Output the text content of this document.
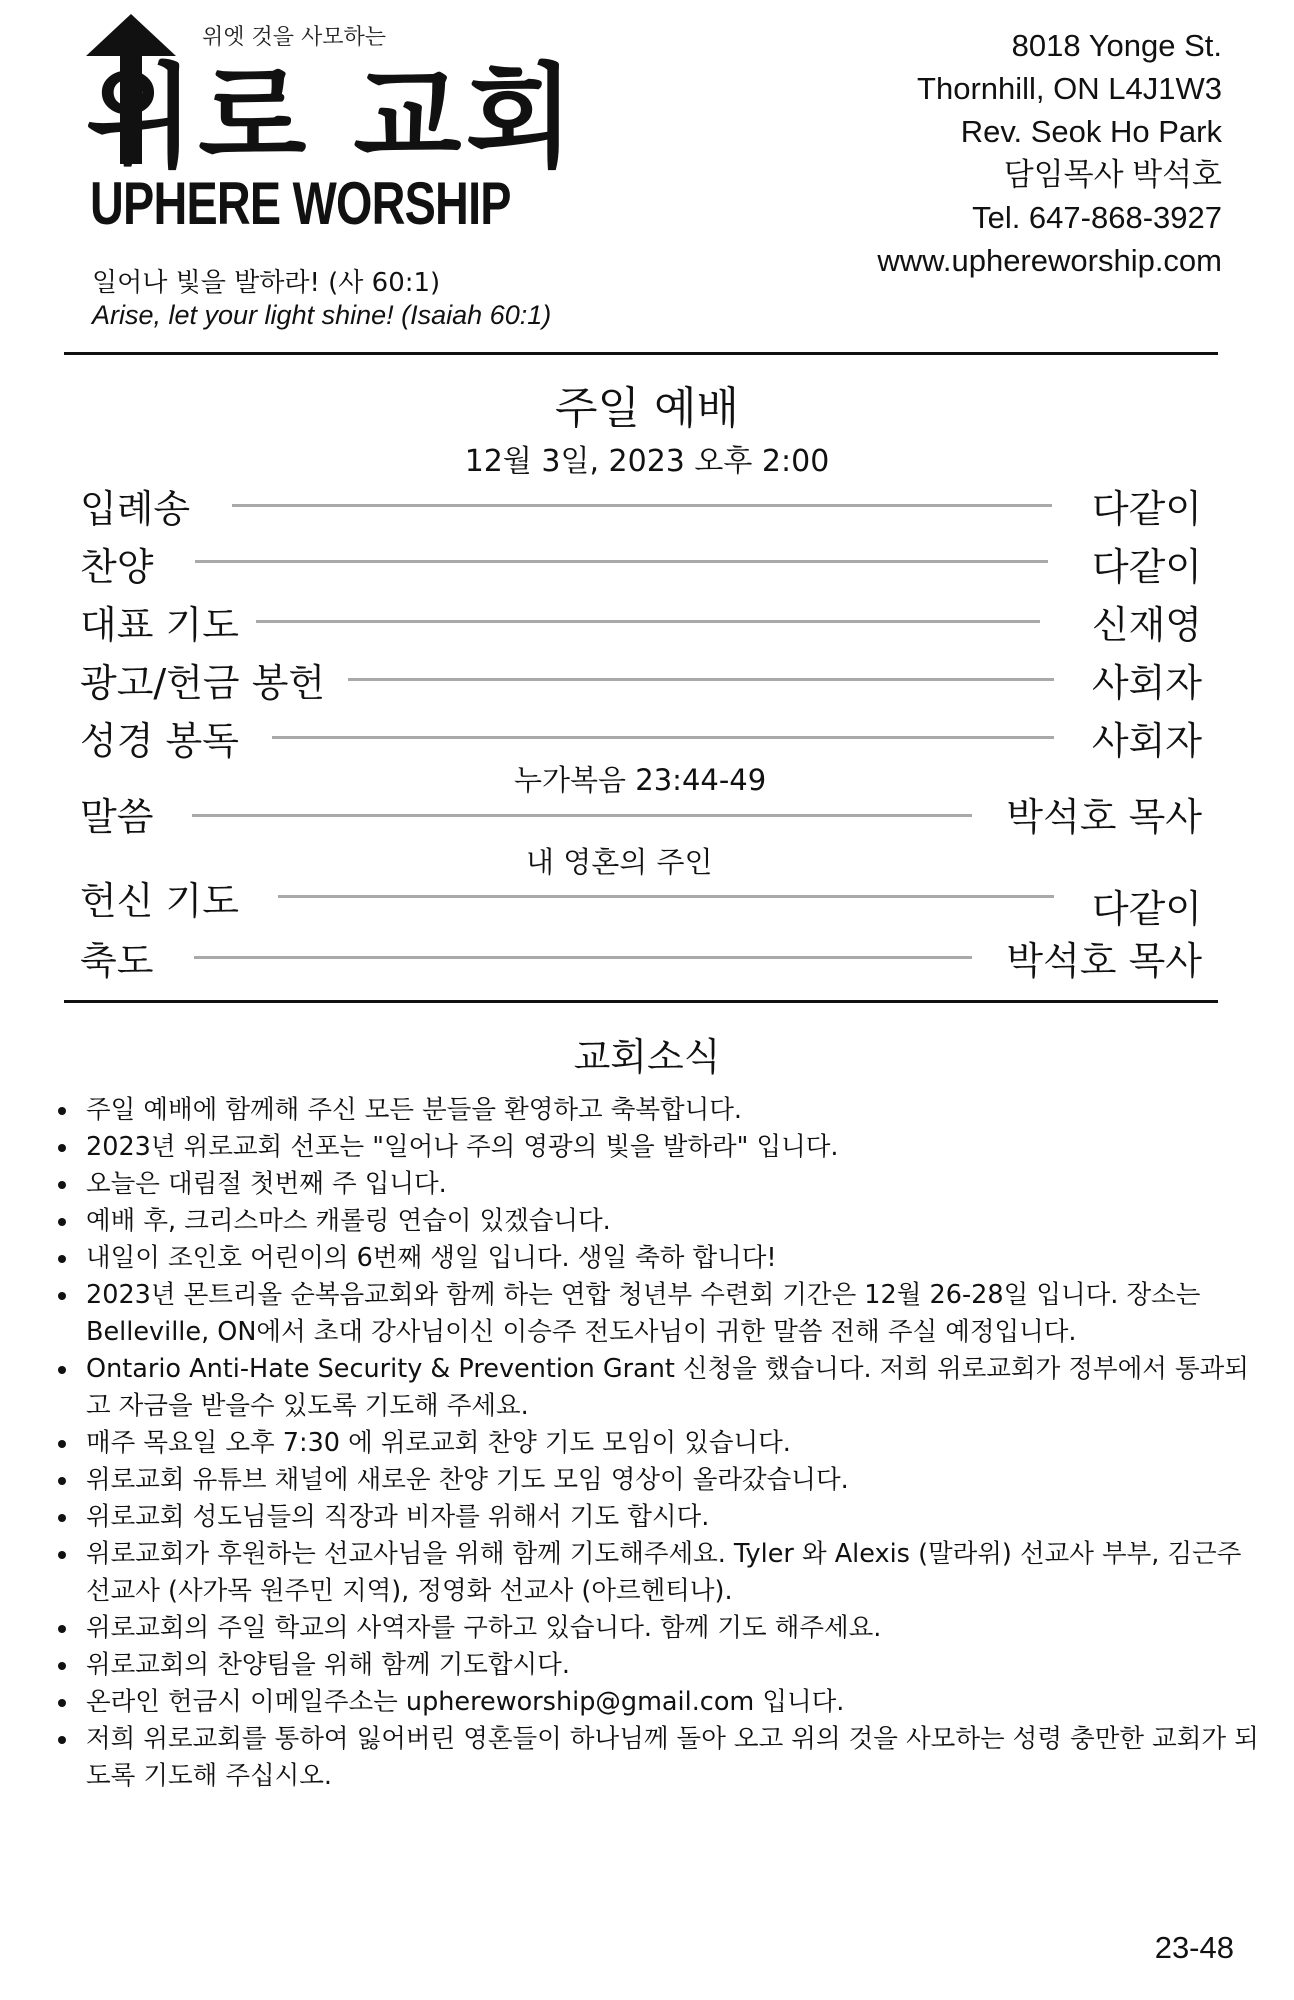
위엣 것을 사모하는
위로 교회
UPHERE WORSHIP
일어나 빛을 발하라! (사 60:1)
Arise, let your light shine! (Isaiah 60:1)
8018 Yonge St.
Thornhill, ON L4J1W3
Rev. Seok Ho Park
담임목사 박석호
Tel. 647-868-3927
www.uphereworship.com
주일 예배
12월 3일, 2023 오후 2:00
입례송	다같이
찬양	다같이
대표 기도	신재영
광고/헌금 봉헌	사회자
성경 봉독	사회자
누가복음 23:44-49
말씀	박석호 목사
내 영혼의 주인
헌신 기도	다같이
축도	박석호 목사
교회소식
• 주일 예배에 함께해 주신 모든 분들을 환영하고 축복합니다.
• 2023년 위로교회 선포는 "일어나 주의 영광의 빛을 발하라" 입니다.
• 오늘은 대림절 첫번째 주 입니다.
• 예배 후, 크리스마스 캐롤링 연습이 있겠습니다.
• 내일이 조인호 어린이의 6번째 생일 입니다. 생일 축하 합니다!
• 2023년 몬트리올 순복음교회와 함께 하는 연합 청년부 수련회 기간은 12월 26-28일 입니다. 장소는 Belleville, ON에서 초대 강사님이신 이승주 전도사님이 귀한 말씀 전해 주실 예정입니다.
• Ontario Anti-Hate Security & Prevention Grant 신청을 했습니다. 저희 위로교회가 정부에서 통과되고 자금을 받을수 있도록 기도해 주세요.
• 매주 목요일 오후 7:30 에 위로교회 찬양 기도 모임이 있습니다.
• 위로교회 유튜브 채널에 새로운 찬양 기도 모임 영상이 올라갔습니다.
• 위로교회 성도님들의 직장과 비자를 위해서 기도 합시다.
• 위로교회가 후원하는 선교사님을 위해 함께 기도해주세요. Tyler 와 Alexis (말라위) 선교사 부부, 김근주 선교사 (사가목 원주민 지역), 정영화 선교사 (아르헨티나).
• 위로교회의 주일 학교의 사역자를 구하고 있습니다. 함께 기도 해주세요.
• 위로교회의 찬양팀을 위해 함께 기도합시다.
• 온라인 헌금시 이메일주소는 uphereworship@gmail.com 입니다.
• 저희 위로교회를 통하여 잃어버린 영혼들이 하나님께 돌아 오고 위의 것을 사모하는 성령 충만한 교회가 되도록 기도해 주십시오.
23-48
